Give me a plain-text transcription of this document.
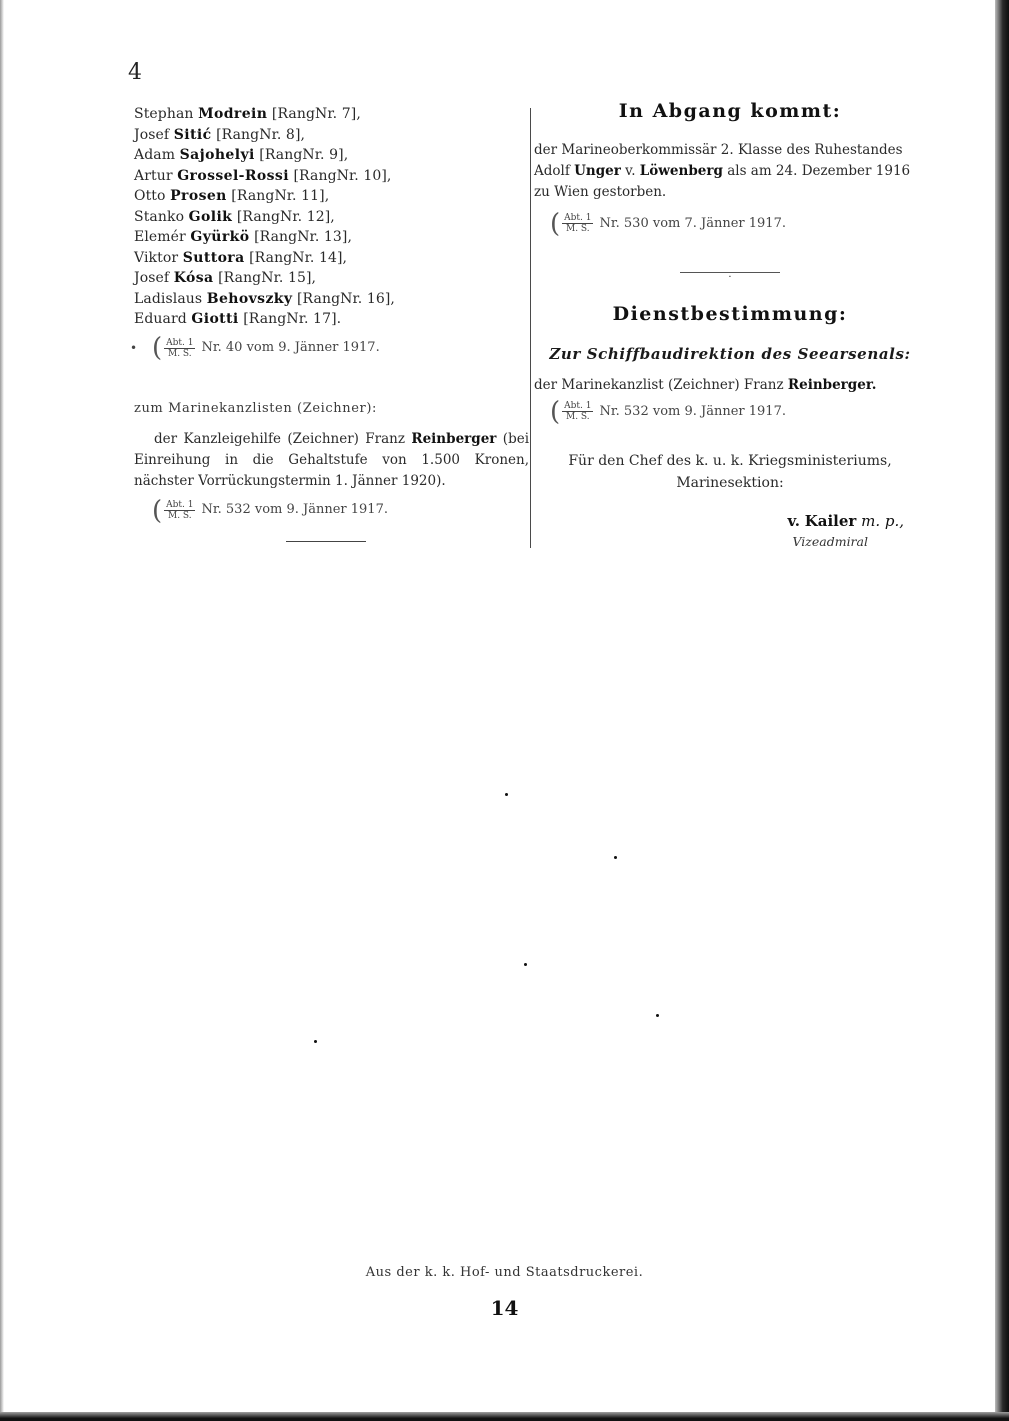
4
Stephan Modrein [RangNr. 7],
Josef Sitić [RangNr. 8],
Adam Sajohelyi [RangNr. 9],
Artur Grossel-Rossi [RangNr. 10],
Otto Prosen [RangNr. 11],
Stanko Golik [RangNr. 12],
Elemér Gyürkö [RangNr. 13],
Viktor Suttora [RangNr. 14],
Josef Kósa [RangNr. 15],
Ladislaus Behovszky [RangNr. 16],
Eduard Giotti [RangNr. 17].
• ( $\frac{\text{Abt. 1}}{M. S.} Nr$. 40 vom 9. Jänner 1917.
zum Marinekanzlisten (Zeichner):
der Kanzleigehilfe (Zeichner) Franz Reinberger (bei Einreihung in die Gehaltstufe von 1.500 Kronen, nächster Vorrückungstermin 1. Jänner 1920).
( $\frac{\text{Abt. 1}}{M. S.} Nr$. 532 vom 9. Jänner 1917.
In Abgang kommt:
der Marineoberkommissär 2. Klasse des Ruhestandes
Adolf Unger v. Löwenberg als am 24. Dezember 1916
zu Wien gestorben.
( $\frac{\text{Abt. 1}}{M. S.} Nr$. 530 vom 7. Jänner 1917.
·
Dienstbestimmung:
Zur Schiffbaudirektion des Seearsenals:
der Marinekanzlist (Zeichner) Franz Reinberger.
( $\frac{\text{Abt. 1}}{M. S.} Nr$. 532 vom 9. Jänner 1917.
Für den Chef des k. u. k. Kriegsministeriums,
Marinesektion:
v. Kailer m. p.,
Vizeadmiral
Aus der k. k. Hof- und Staatsdruckerei.
14
